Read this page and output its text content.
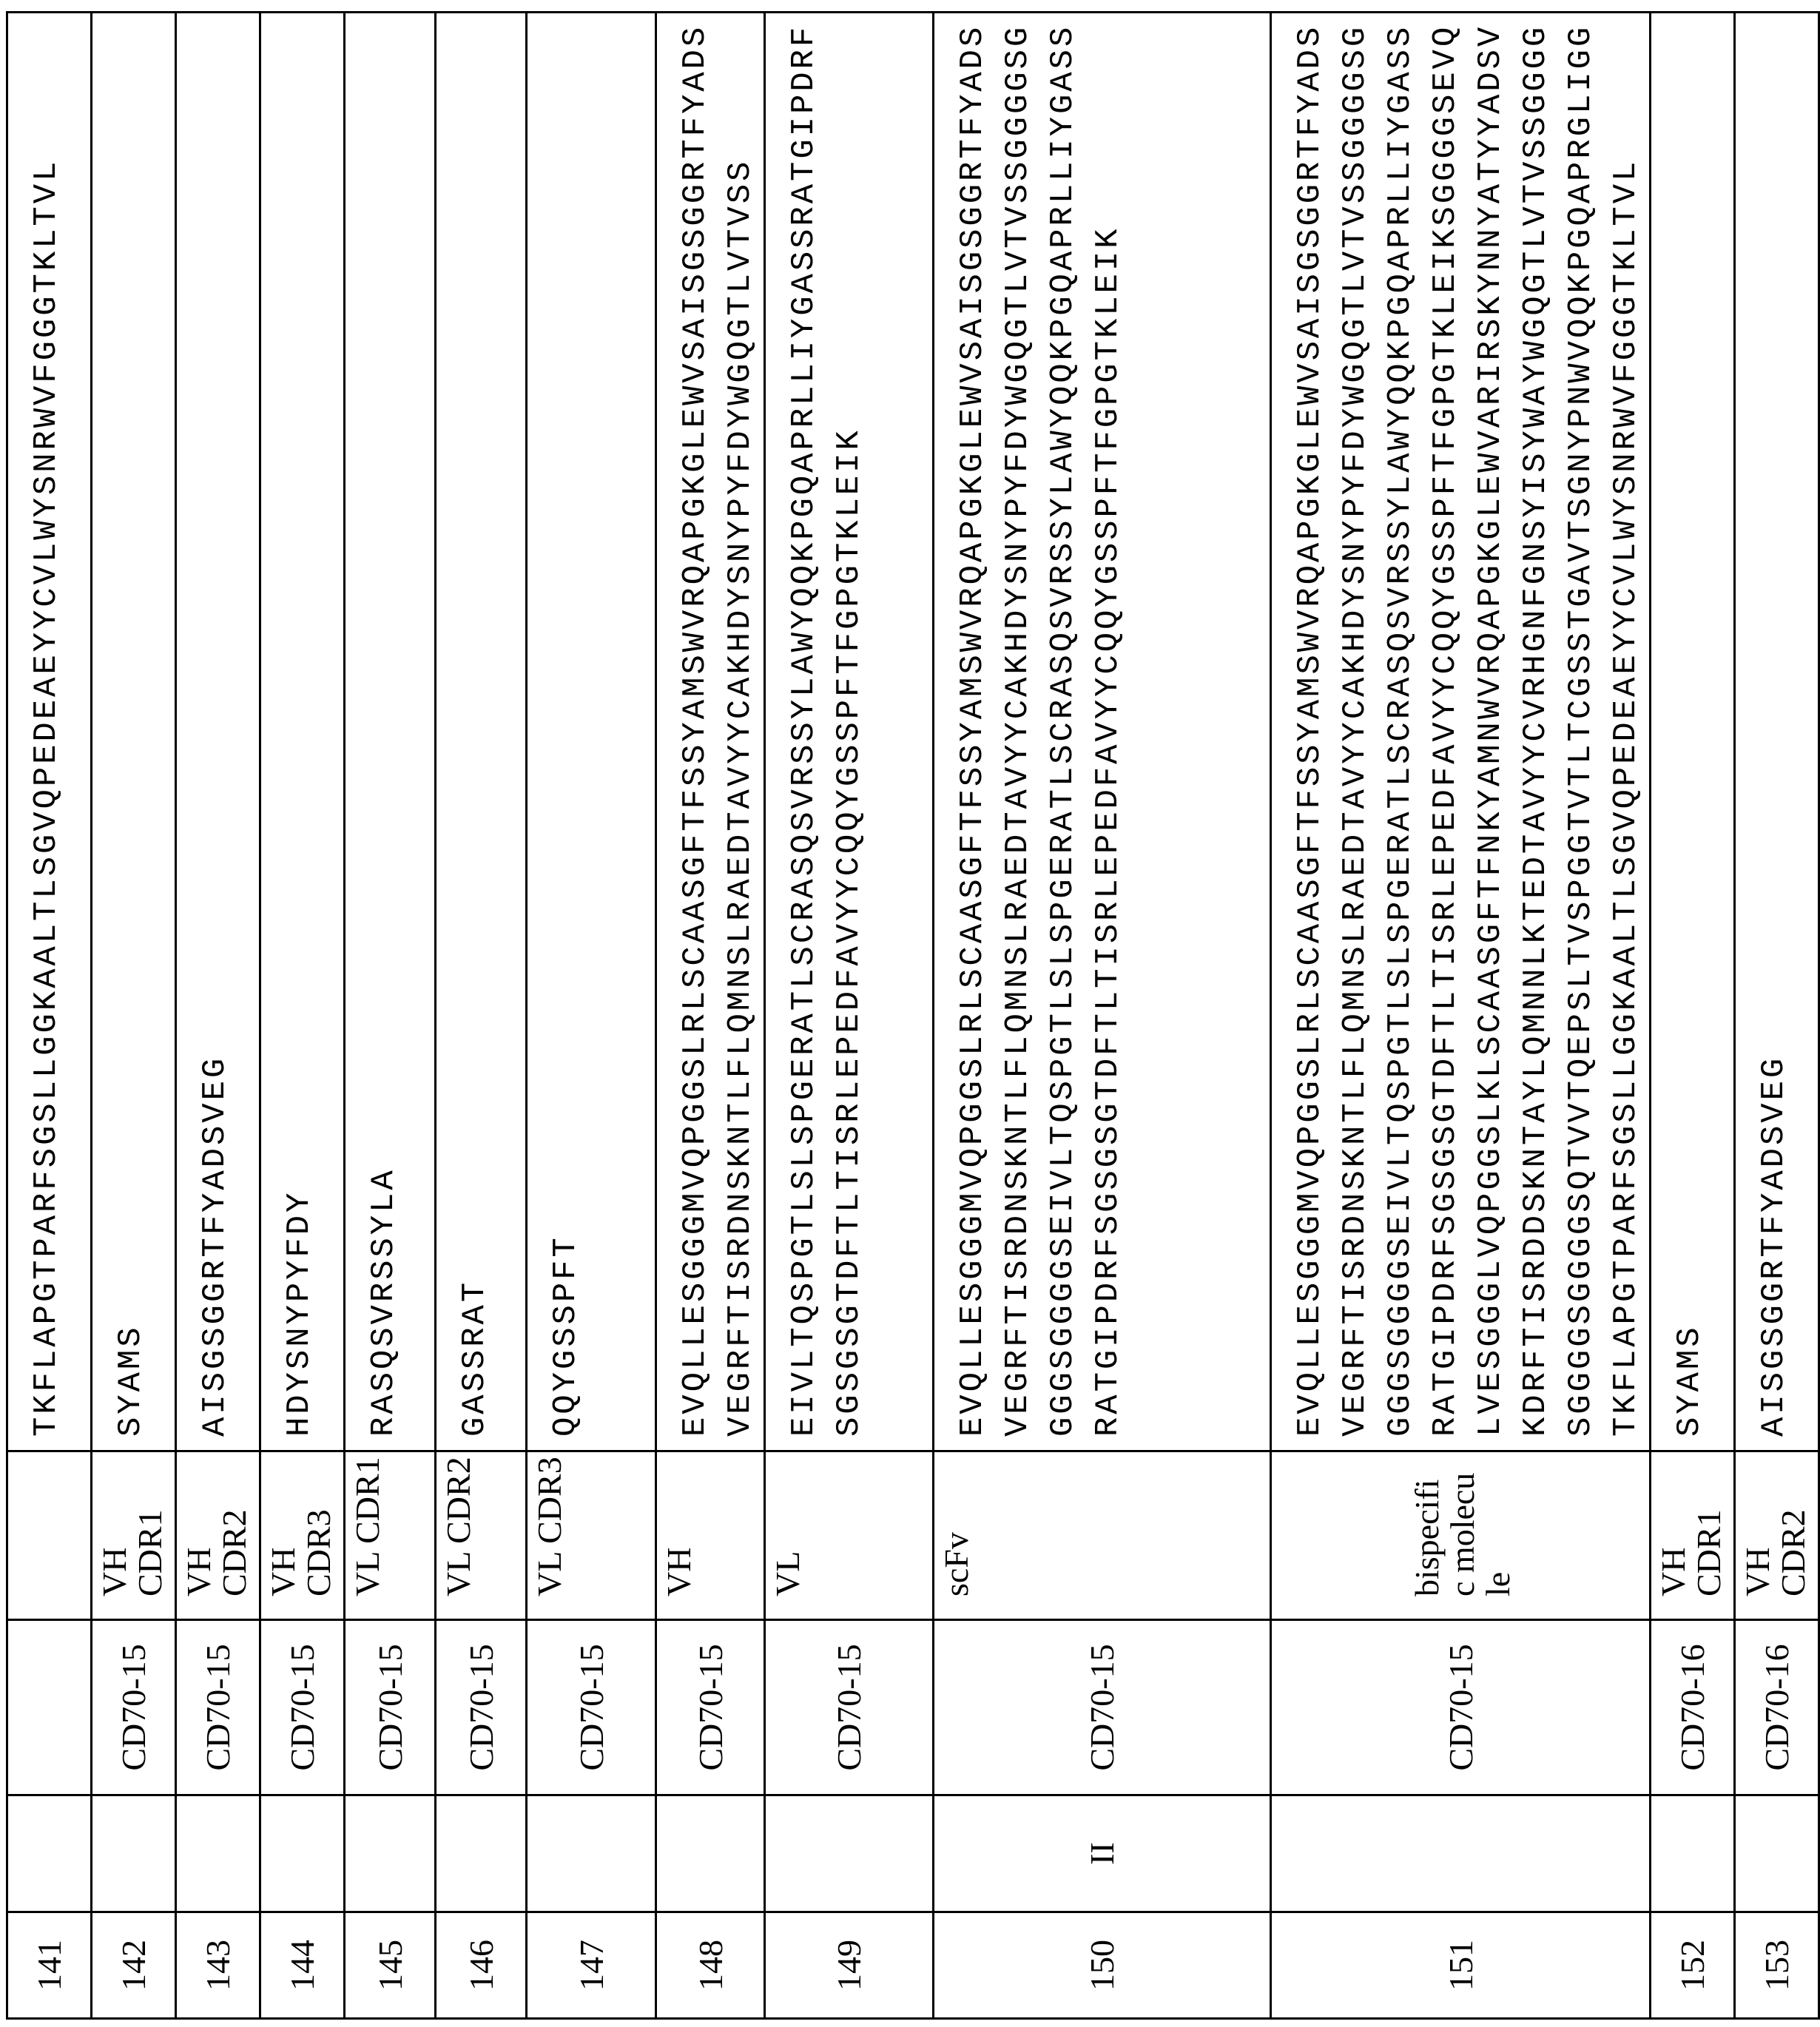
141				
TKFLAPGTPARFSGSLLGGKAALTLSGVQPEDEAEYYCVLWYSNRWVFGGGTKLTVL

142		CD70-15	VH CDR1	
SYAMS

143		CD70-15	VH CDR2	
AISGSGGRTFYADSVEG

144		CD70-15	VH CDR3	
HDYSNYPYFDY

145		CD70-15	VL CDR1	
RASQSVRSSYLA

146		CD70-15	VL CDR2	
GASSRAT

147		CD70-15	VL CDR3	
QQYGSSPFT

148		CD70-15	VH	
EVQLLESGGGMVQPGGSLRLSCAASGFTFSSYAMSWVRQAPGKGLEWVSAISGSGGRTFYADS VEGRFTISRDNSKNTLFLQMNSLRAEDTAVYYCAKHDYSNYPYFDYWGQGTLVTVSS

149		CD70-15	VL	
EIVLTQSPGTLSLSPGERATLSCRASQSVRSSYLAWYQQKPGQAPRLLIYGASSRATGIPDRF SGSGSGTDFTLTISRLEPEDFAVYYCQQYGSSPFTFGPGTKLEIK

150	II	CD70-15	scFv	
EVQLLESGGGMVQPGGSLRLSCAASGFTFSSYAMSWVRQAPGKGLEWVSAISGSGGRTFYADS VEGRFTISRDNSKNTLFLQMNSLRAEDTAVYYCAKHDYSNYPYFDYWGQGTLVTVSSGGGGSG GGGSGGGGSEIVLTQSPGTLSLSPGERATLSCRASQSVRSSYLAWYQQKPGQAPRLLIYGASS RATGIPDRFSGSGSGTDFTLTISRLEPEDFAVYYCQQYGSSPFTFGPGTKLEIK

151		CD70-15	bispecific molecule	
EVQLLESGGGMVQPGGSLRLSCAASGFTFSSYAMSWVRQAPGKGLEWVSAISGSGGRTFYADS VEGRFTISRDNSKNTLFLQMNSLRAEDTAVYYCAKHDYSNYPYFDYWGQGTLVTVSSGGGGSG GGGSGGGGSEIVLTQSPGTLSLSPGERATLSCRASQSVRSSYLAWYQQKPGQAPRLLIYGASS RATGIPDRFSGSGSGTDFTLTISRLEPEDFAVYYCQQYGSSPFTFGPGTKLEIKSGGGGSEVQ LVESGGGLVQPGGSLKLSCAASGFTFNKYAMNWVRQAPGKGLEWVARIRSKYNNYATYYADSV KDRFTISRDDSKNTAYLQMNNLKTEDTAVYYCVRHGNFGNSYISYWAYWGQGTLVTVSSGGGG SGGGGSGGGGSQTVVTQEPSLTVSPGGTVTLTCGSSTGAVTSGNYPNWVQQKPGQAPRGLIGG TKFLAPGTPARFSGSLLGGKAALTLSGVQPEDEAEYYCVLWYSNRWVFGGGTKLTVL

152		CD70-16	VH CDR1	
SYAMS

153		CD70-16	VH CDR2	
AISGSGGRTFYADSVEG
